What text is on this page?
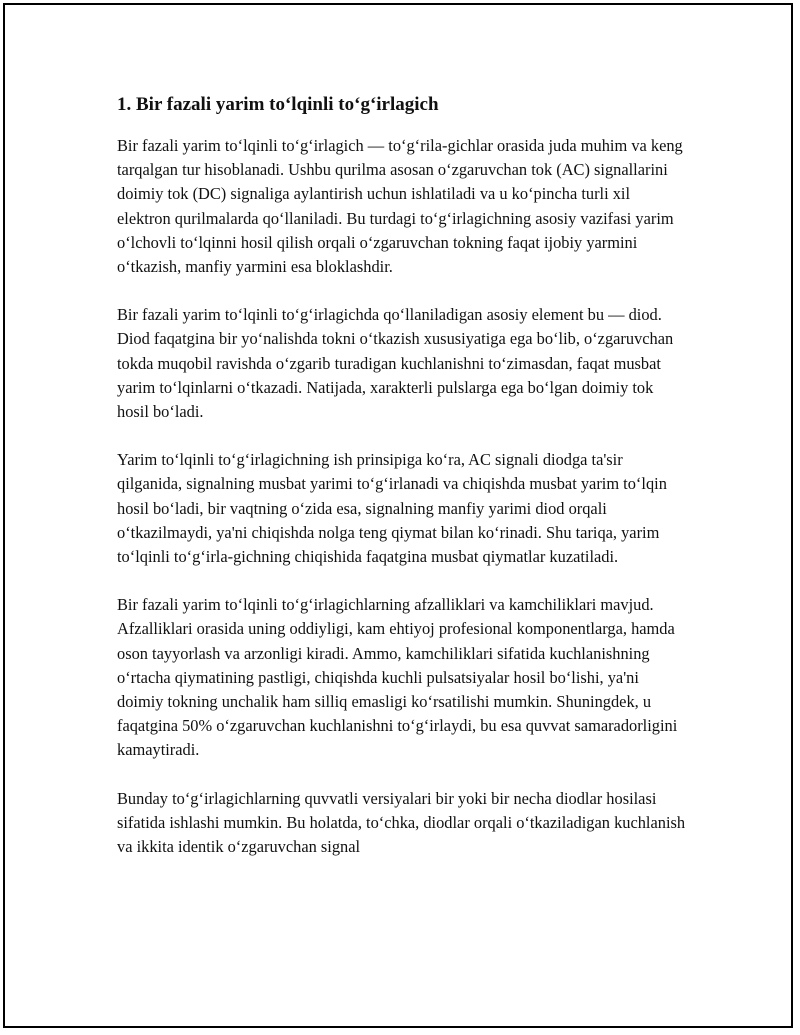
1. Bir fazali yarim toʻlqinli toʻgʻirlagich

Bir fazali yarim toʻlqinli toʻgʻirlagich — toʻgʻrila-gichlar orasida juda muhim va keng tarqalgan tur hisoblanadi. Ushbu qurilma asosan oʻzgaruvchan tok (AC) signallarini doimiy tok (DC) signaliga aylantirish uchun ishlatiladi va u koʻpincha turli xil elektron qurilmalarda qoʻllaniladi. Bu turdagi toʻgʻirlagichning asosiy vazifasi yarim oʻlchovli toʻlqinni hosil qilish orqali oʻzgaruvchan tokning faqat ijobiy yarmini oʻtkazish, manfiy yarmini esa bloklashdir.

Bir fazali yarim toʻlqinli toʻgʻirlagichda qoʻllaniladigan asosiy element bu — diod. Diod faqatgina bir yoʻnalishda tokni oʻtkazish xususiyatiga ega boʻlib, oʻzgaruvchan tokda muqobil ravishda oʻzgarib turadigan kuchlanishni toʻzimasdan, faqat musbat yarim toʻlqinlarni oʻtkazadi. Natijada, xarakterli pulslarga ega boʻlgan doimiy tok hosil boʻladi.

Yarim toʻlqinli toʻgʻirlagichning ish prinsipiga koʻra, AC signali diodga ta'sir qilganida, signalning musbat yarimi toʻgʻirlanadi va chiqishda musbat yarim toʻlqin hosil boʻladi, bir vaqtning oʻzida esa, signalning manfiy yarimi diod orqali oʻtkazilmaydi, ya'ni chiqishda nolga teng qiymat bilan koʻrinadi. Shu tariqa, yarim toʻlqinli toʻgʻirla-gichning chiqishida faqatgina musbat qiymatlar kuzatiladi.

Bir fazali yarim toʻlqinli toʻgʻirlagichlarning afzalliklari va kamchiliklari mavjud. Afzalliklari orasida uning oddiyligi, kam ehtiyoj profesional komponentlarga, hamda oson tayyorlash va arzonligi kiradi. Ammo, kamchiliklari sifatida kuchlanishning oʻrtacha qiymatining pastligi, chiqishda kuchli pulsatsiyalar hosil boʻlishi, ya'ni doimiy tokning unchalik ham silliq emasligi koʻrsatilishi mumkin. Shuningdek, u faqatgina 50% oʻzgaruvchan kuchlanishni toʻgʻirlaydi, bu esa quvvat samaradorligini kamaytiradi.

Bunday toʻgʻirlagichlarning quvvatli versiyalari bir yoki bir necha diodlar hosilasi sifatida ishlashi mumkin. Bu holatda, toʻchka, diodlar orqali oʻtkaziladigan kuchlanish va ikkita identik oʻzgaruvchan signal
